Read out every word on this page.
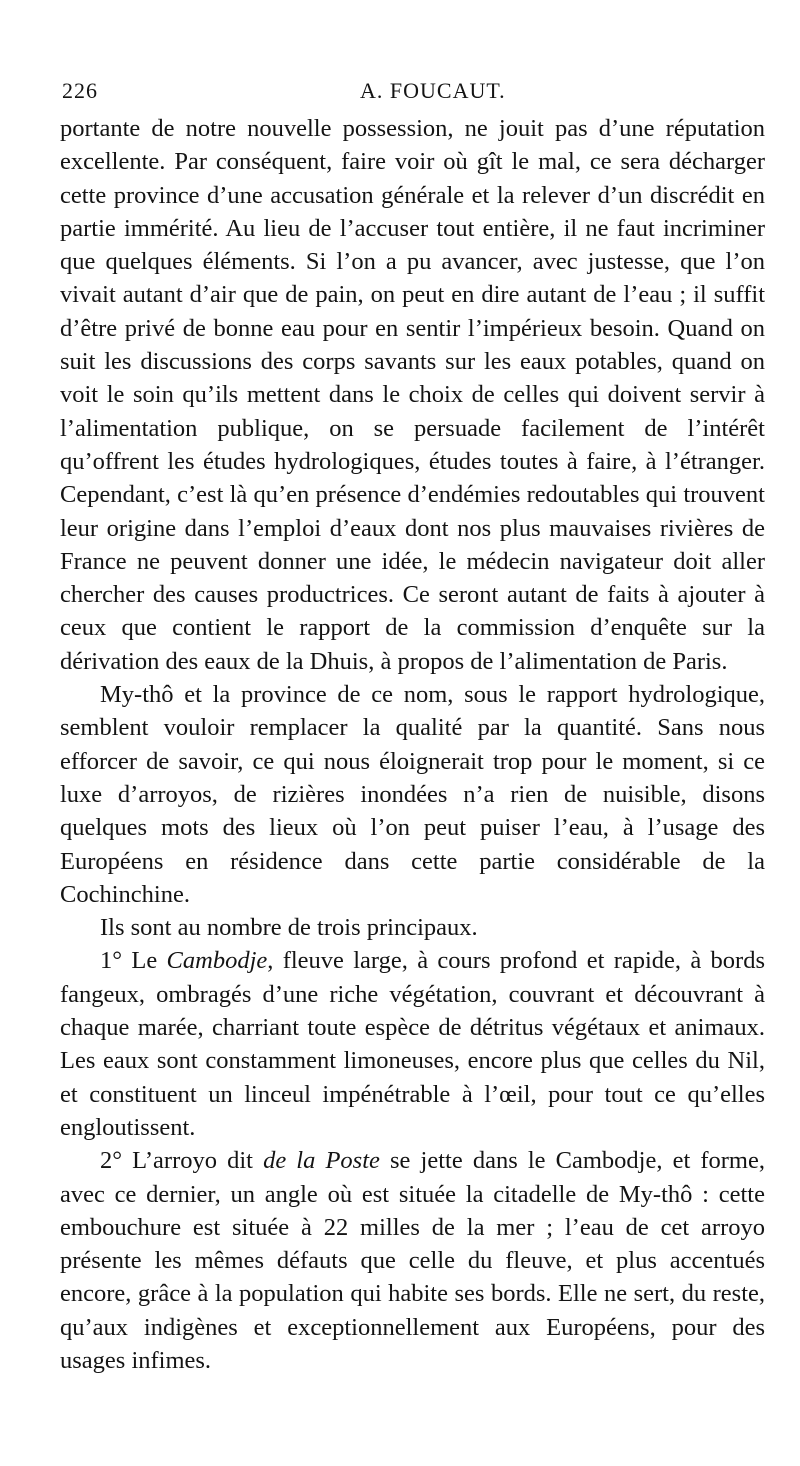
226	A. FOUCAUT.

portante de notre nouvelle possession, ne jouit pas d’une réputation excellente. Par conséquent, faire voir où gît le mal, ce sera décharger cette province d’une accusation générale et la relever d’un discrédit en partie immérité. Au lieu de l’accuser tout entière, il ne faut incriminer que quelques éléments. Si l’on a pu avancer, avec justesse, que l’on vivait autant d’air que de pain, on peut en dire autant de l’eau ; il suffit d’être privé de bonne eau pour en sentir l’impérieux besoin. Quand on suit les discussions des corps savants sur les eaux potables, quand on voit le soin qu’ils mettent dans le choix de celles qui doivent servir à l’alimentation publique, on se persuade facilement de l’intérêt qu’offrent les études hydrologiques, études toutes à faire, à l’étranger. Cependant, c’est là qu’en présence d’endémies redoutables qui trouvent leur origine dans l’emploi d’eaux dont nos plus mauvaises rivières de France ne peuvent donner une idée, le médecin navigateur doit aller chercher des causes productrices. Ce seront autant de faits à ajouter à ceux que contient le rapport de la commission d’enquête sur la dérivation des eaux de la Dhuis, à propos de l’alimentation de Paris.

My-thô et la province de ce nom, sous le rapport hydrologique, semblent vouloir remplacer la qualité par la quantité. Sans nous efforcer de savoir, ce qui nous éloignerait trop pour le moment, si ce luxe d’arroyos, de rizières inondées n’a rien de nuisible, disons quelques mots des lieux où l’on peut puiser l’eau, à l’usage des Européens en résidence dans cette partie considérable de la Cochinchine.

Ils sont au nombre de trois principaux.

1° Le Cambodje, fleuve large, à cours profond et rapide, à bords fangeux, ombragés d’une riche végétation, couvrant et découvrant à chaque marée, charriant toute espèce de détritus végétaux et animaux. Les eaux sont constamment limoneuses, encore plus que celles du Nil, et constituent un linceul impénétrable à l’œil, pour tout ce qu’elles engloutissent.

2° L’arroyo dit de la Poste se jette dans le Cambodje, et forme, avec ce dernier, un angle où est située la citadelle de My-thô : cette embouchure est située à 22 milles de la mer ; l’eau de cet arroyo présente les mêmes défauts que celle du fleuve, et plus accentués encore, grâce à la population qui habite ses bords. Elle ne sert, du reste, qu’aux indigènes et exceptionnellement aux Européens, pour des usages infimes.
